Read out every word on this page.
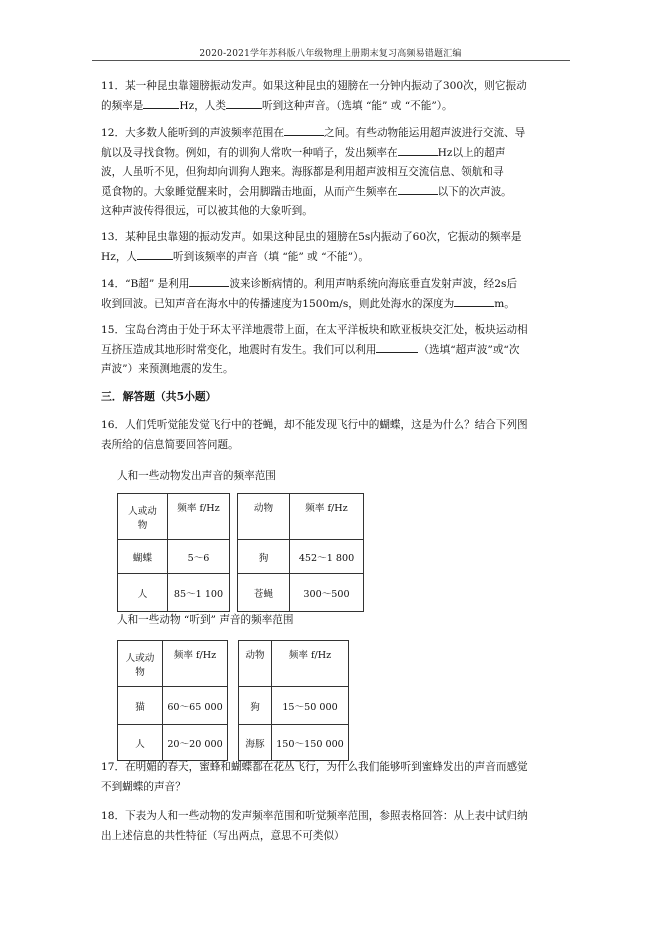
2020-2021学年苏科版八年级物理上册期末复习高频易错题汇编
11．某一种昆虫靠翅膀振动发声。如果这种昆虫的翅膀在一分钟内振动了300次，则它振动
的频率是	Hz，人类	听到这种声音。（选填 “能” 或 “不能”）。
12．大多数人能听到的声波频率范围在	之间。有些动物能运用超声波进行交流、导
航以及寻找食物。例如，有的训狗人常吹一种哨子，发出频率在	Hz以上的超声
波，人虽听不见，但狗却向训狗人跑来。海豚都是利用超声波相互交流信息、领航和寻
觅食物的。大象睡觉醒来时，会用脚踹击地面，从而产生频率在	以下的次声波。
这种声波传得很远，可以被其他的大象听到。
13．某种昆虫靠翅的振动发声。如果这种昆虫的翅膀在5s内振动了60次，它振动的频率是
Hz，人	听到该频率的声音（填 “能” 或 “不能”）。
14．“B超” 是利用	波来诊断病情的。利用声呐系统向海底垂直发射声波，经2s后
收到回波。已知声音在海水中的传播速度为1500m/s，则此处海水的深度为	m。
15．宝岛台湾由于处于环太平洋地震带上面，在太平洋板块和欧亚板块交汇处，板块运动相
互挤压造成其地形时常变化，地震时有发生。我们可以利用	（选填“超声波”或“次
声波”）来预测地震的发生。
三．解答题（共5小题）
16．人们凭听觉能发觉飞行中的苍蝇，却不能发现飞行中的蝴蝶，这是为什么？结合下列图
表所给的信息简要回答问题。
人和一些动物发出声音的频率范围
人或动
物	频率 f/Hz		动物	频率 f/Hz
蝴蝶	5～6		狗	452～1 800
人	85～1 100		苍蝇	300～500
人和一些动物 “听到” 声音的频率范围
人或动
物	频率 f/Hz		动物	频率 f/Hz
猫	60～65 000		狗	15～50 000
人	20～20 000		海豚	150～150 000
17．在明媚的春天，蜜蜂和蝴蝶都在花丛飞行，为什么我们能够听到蜜蜂发出的声音而感觉
不到蝴蝶的声音？
18．下表为人和一些动物的发声频率范围和听觉频率范围，参照表格回答：从上表中试归纳
出上述信息的共性特征（写出两点，意思不可类似）
